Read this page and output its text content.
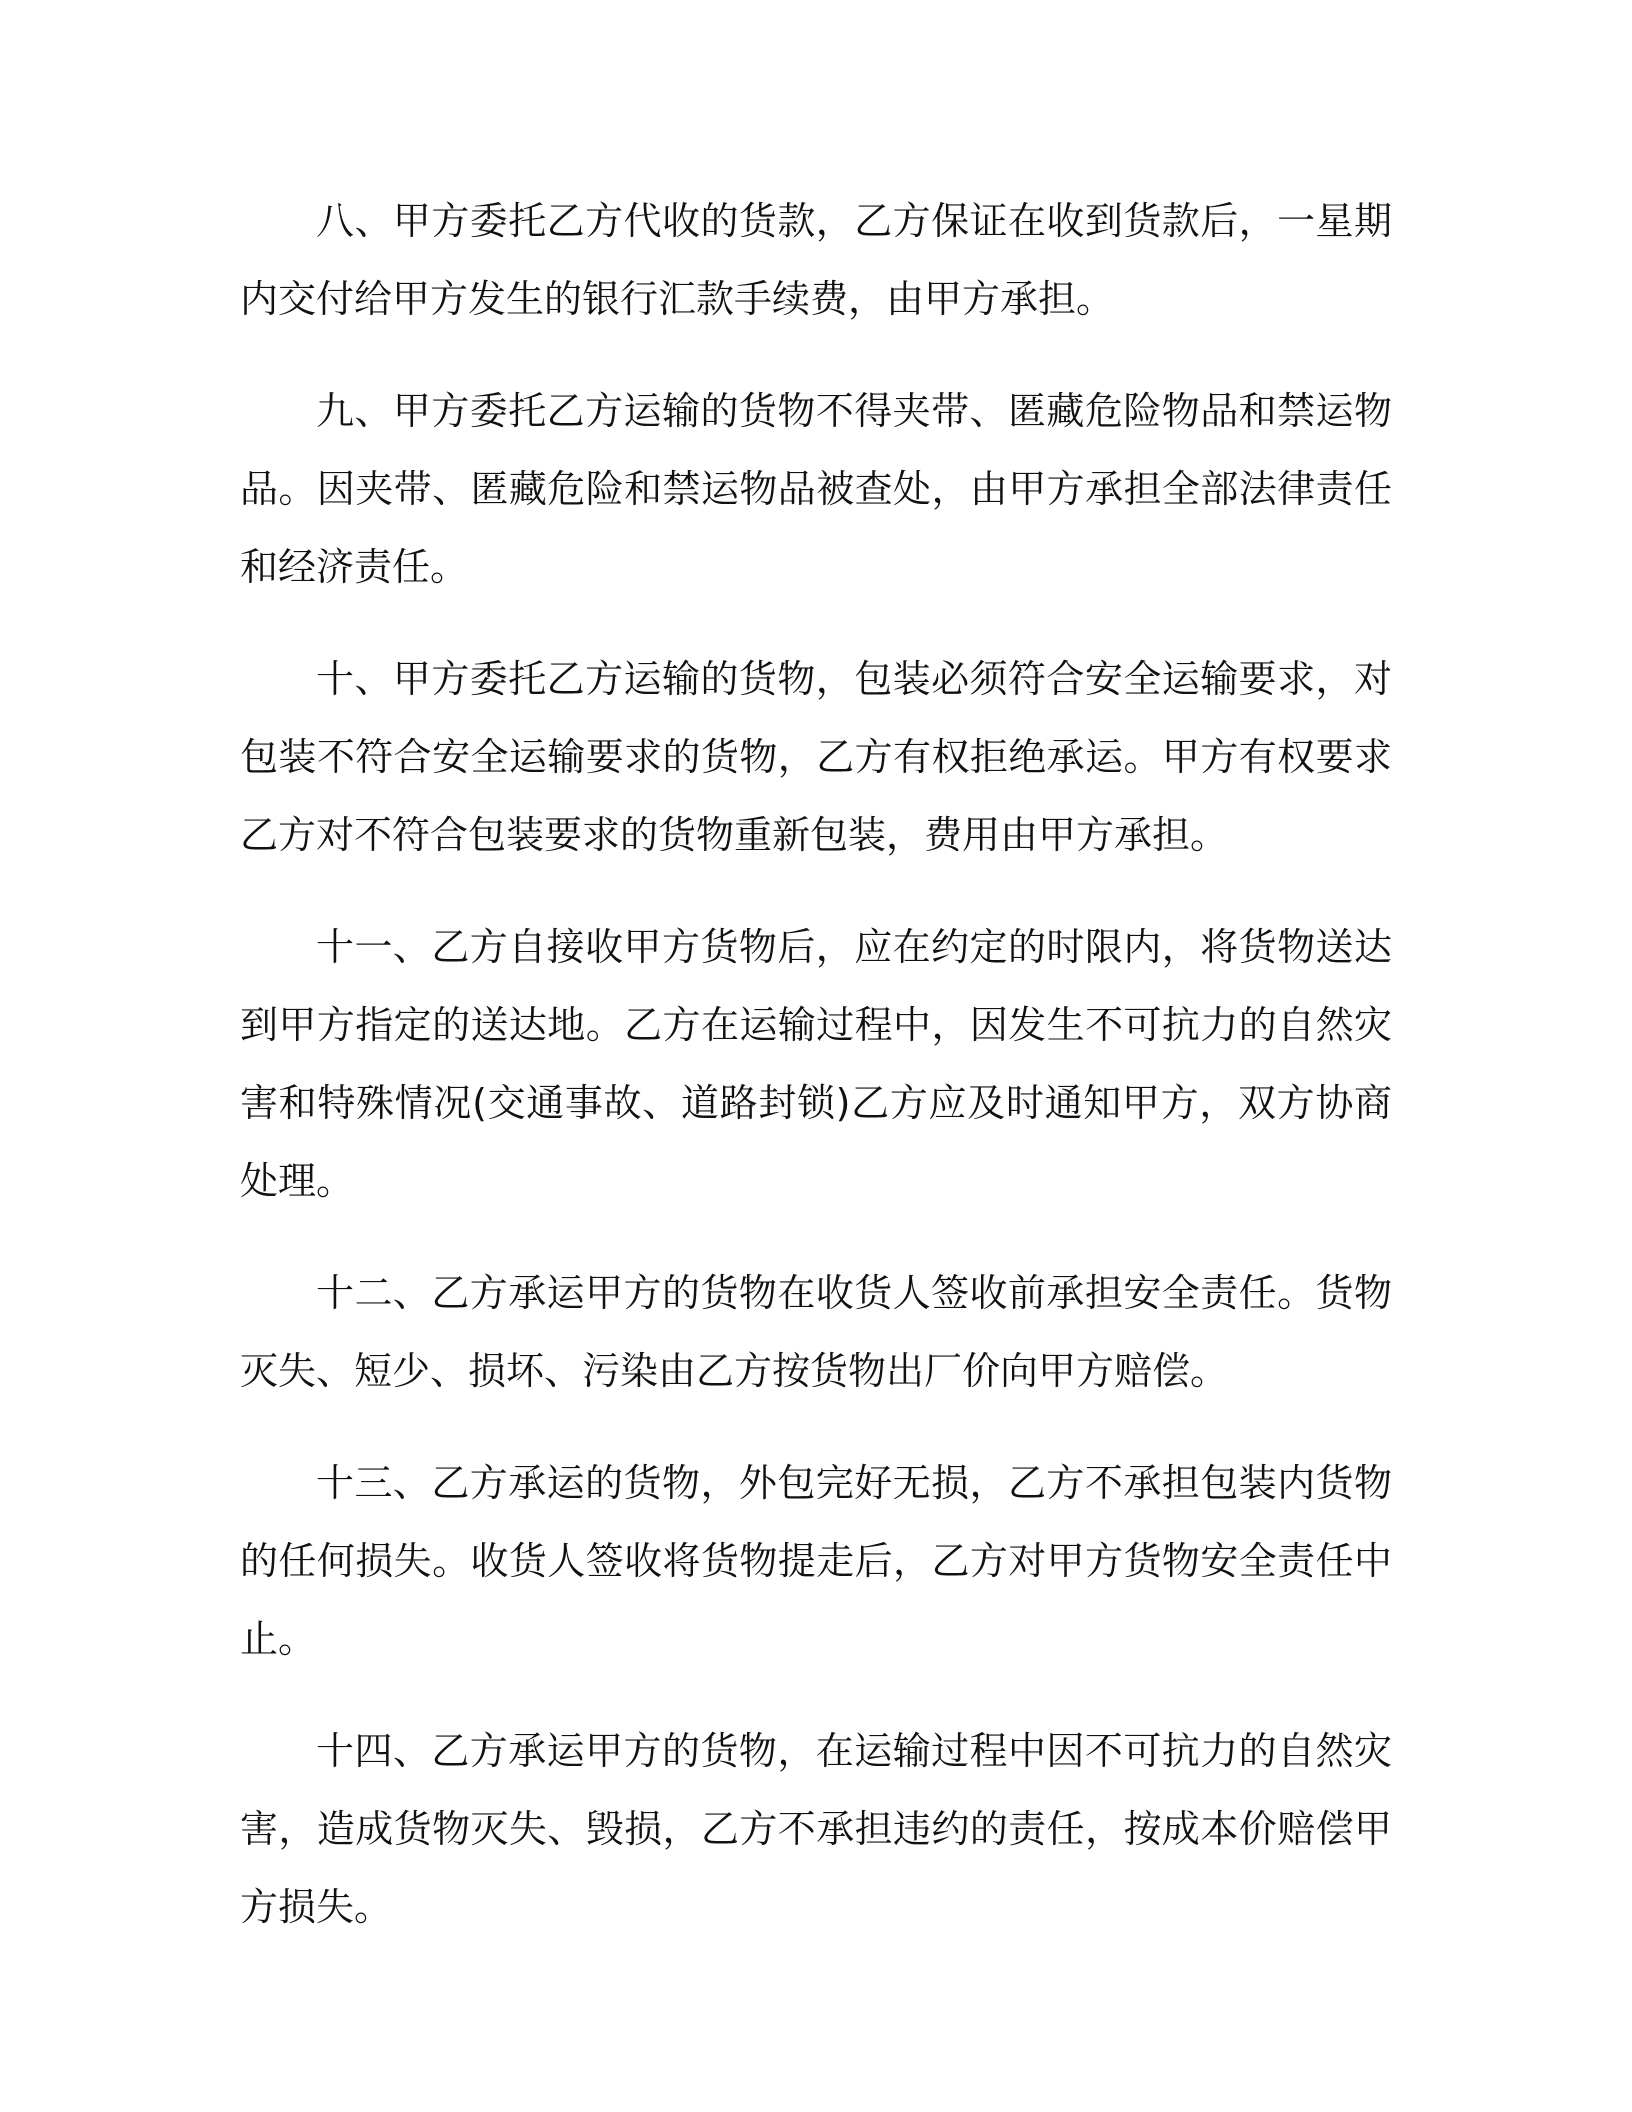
八、甲方委托乙方代收的货款，乙方保证在收到货款后，一星期内交付给甲方发生的银行汇款手续费，由甲方承担。

九、甲方委托乙方运输的货物不得夹带、匿藏危险物品和禁运物品。因夹带、匿藏危险和禁运物品被查处，由甲方承担全部法律责任和经济责任。

十、甲方委托乙方运输的货物，包装必须符合安全运输要求，对包装不符合安全运输要求的货物，乙方有权拒绝承运。甲方有权要求乙方对不符合包装要求的货物重新包装，费用由甲方承担。

十一、乙方自接收甲方货物后，应在约定的时限内，将货物送达到甲方指定的送达地。乙方在运输过程中，因发生不可抗力的自然灾害和特殊情况(交通事故、道路封锁)乙方应及时通知甲方，双方协商处理。

十二、乙方承运甲方的货物在收货人签收前承担安全责任。货物灭失、短少、损坏、污染由乙方按货物出厂价向甲方赔偿。

十三、乙方承运的货物，外包完好无损，乙方不承担包装内货物的任何损失。收货人签收将货物提走后，乙方对甲方货物安全责任中止。

十四、乙方承运甲方的货物，在运输过程中因不可抗力的自然灾害，造成货物灭失、毁损，乙方不承担违约的责任，按成本价赔偿甲方损失。
